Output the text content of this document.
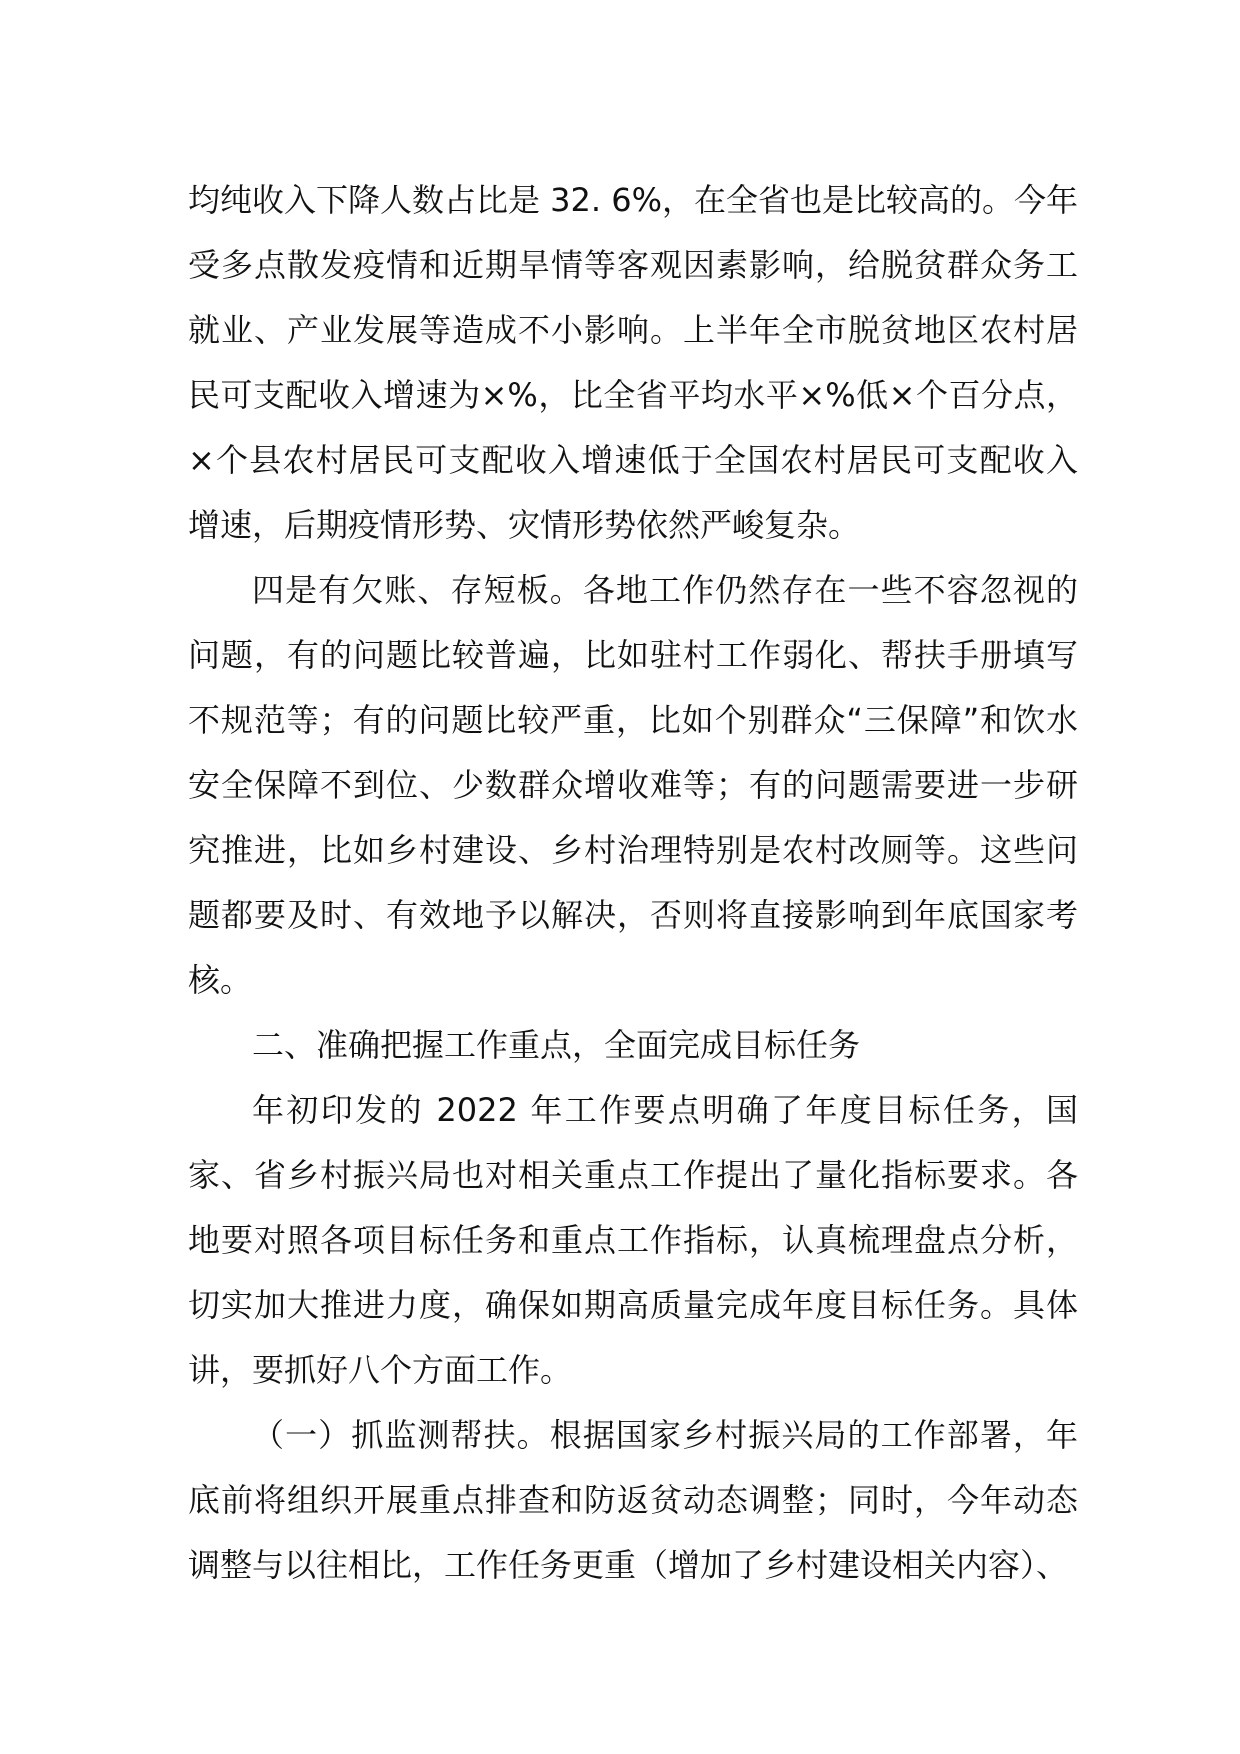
均纯收入下降人数占比是 32. 6%，在全省也是比较高的。今年受多点散发疫情和近期旱情等客观因素影响，给脱贫群众务工就业、产业发展等造成不小影响。上半年全市脱贫地区农村居民可支配收入增速为×%，比全省平均水平×%低×个百分点，×个县农村居民可支配收入增速低于全国农村居民可支配收入增速，后期疫情形势、灾情形势依然严峻复杂。

四是有欠账、存短板。各地工作仍然存在一些不容忽视的问题，有的问题比较普遍，比如驻村工作弱化、帮扶手册填写不规范等；有的问题比较严重，比如个别群众“三保障”和饮水安全保障不到位、少数群众增收难等；有的问题需要进一步研究推进，比如乡村建设、乡村治理特别是农村改厕等。这些问题都要及时、有效地予以解决，否则将直接影响到年底国家考核。

二、准确把握工作重点，全面完成目标任务

年初印发的 2022 年工作要点明确了年度目标任务，国家、省乡村振兴局也对相关重点工作提出了量化指标要求。各地要对照各项目标任务和重点工作指标，认真梳理盘点分析，切实加大推进力度，确保如期高质量完成年度目标任务。具体讲，要抓好八个方面工作。

（一）抓监测帮扶。根据国家乡村振兴局的工作部署，年底前将组织开展重点排查和防返贫动态调整；同时，今年动态调整与以往相比，工作任务更重（增加了乡村建设相关内容）、
